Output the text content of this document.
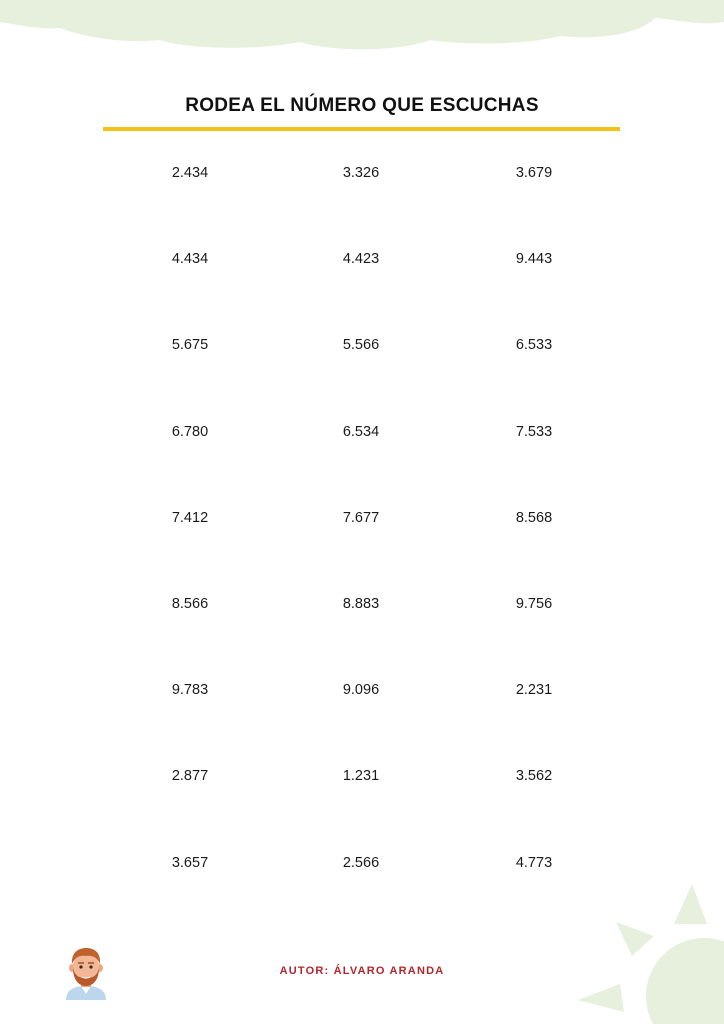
RODEA EL NÚMERO QUE ESCUCHAS
2.434	3.326	3.679
4.434	4.423	9.443
5.675	5.566	6.533
6.780	6.534	7.533
7.412	7.677	8.568
8.566	8.883	9.756
9.783	9.096	2.231
2.877	1.231	3.562
3.657	2.566	4.773
AUTOR: ÁLVARO ARANDA
